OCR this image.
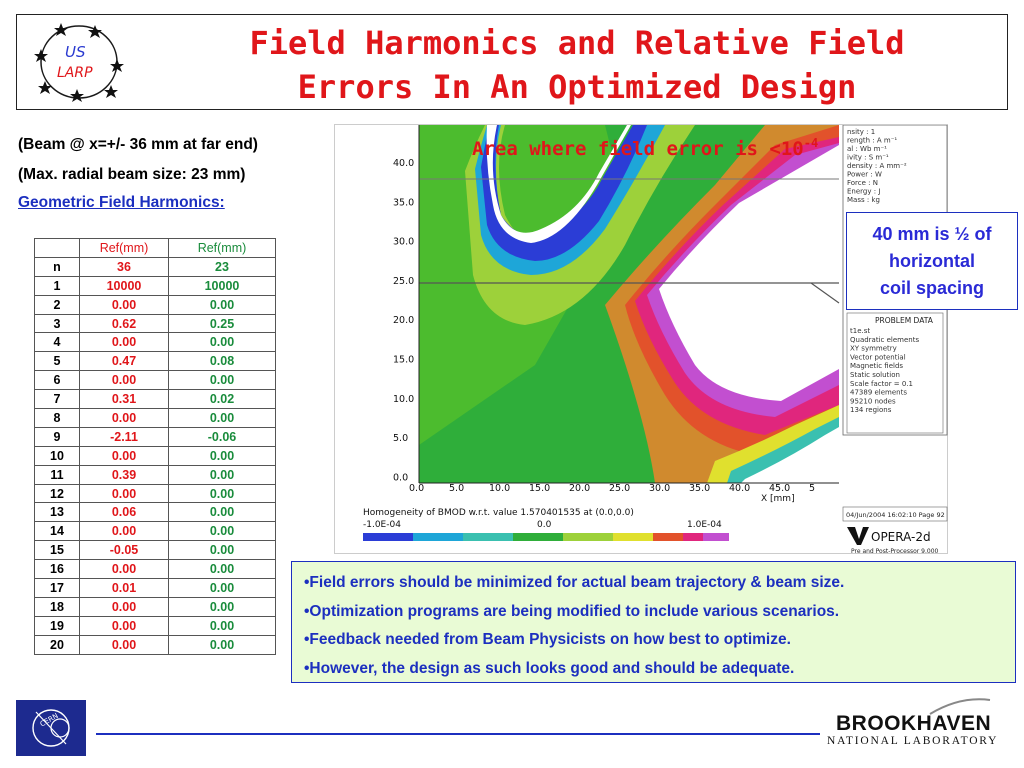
US
LARP
Field Harmonics and Relative Field
Errors In An Optimized Design
(Beam @ x=+/- 36 mm at far end)
(Max. radial beam size: 23 mm)
Geometric Field Harmonics:
	Ref(mm)	Ref(mm)
n	36	23
1	10000	10000
2	0.00	0.00
3	0.62	0.25
4	0.00	0.00
5	0.47	0.08
6	0.00	0.00
7	0.31	0.02
8	0.00	0.00
9	-2.11	-0.06
10	0.00	0.00
11	0.39	0.00
12	0.00	0.00
13	0.06	0.00
14	0.00	0.00
15	-0.05	0.00
16	0.00	0.00
17	0.01	0.00
18	0.00	0.00
19	0.00	0.00
20	0.00	0.00
40.0
35.0
30.0
25.0
20.0
15.0
10.0
5.0
0.0
0.0	5.0	10.0 15.0 20.0 25.0 30.0 35.0 40.0 45.0 5
X [mm]
Homogeneity of BMOD w.r.t. value 1.570401535 at (0.0,0.0)
-1.0E-04	0.0	1.0E-04
nsity : 1
rength : A m⁻¹
al : Wb m⁻¹
ivity : S m⁻¹
density : A mm⁻²
Power : W
Force : N
Energy : J
Mass : kg
PROBLEM DATA
t1e.st
Quadratic elements
XY symmetry
Vector potential
Magnetic fields
Static solution
Scale factor = 0.1
47389 elements
95210 nodes
134 regions
04/Jun/2004 16:02:10 Page 92
OPERA-2d
Pre and Post-Processor 9.000
Area where field error is $<10^{-4}$
40 mm is ½ of
horizontal
coil spacing
•Field errors should be minimized for actual beam trajectory & beam size.
•Optimization programs are being modified to include various scenarios.
•Feedback needed from Beam Physicists on how best to optimize.
•However, the design as such looks good and should be adequate.
CERN	BROOKHAVEN
NATIONAL LABORATORY
